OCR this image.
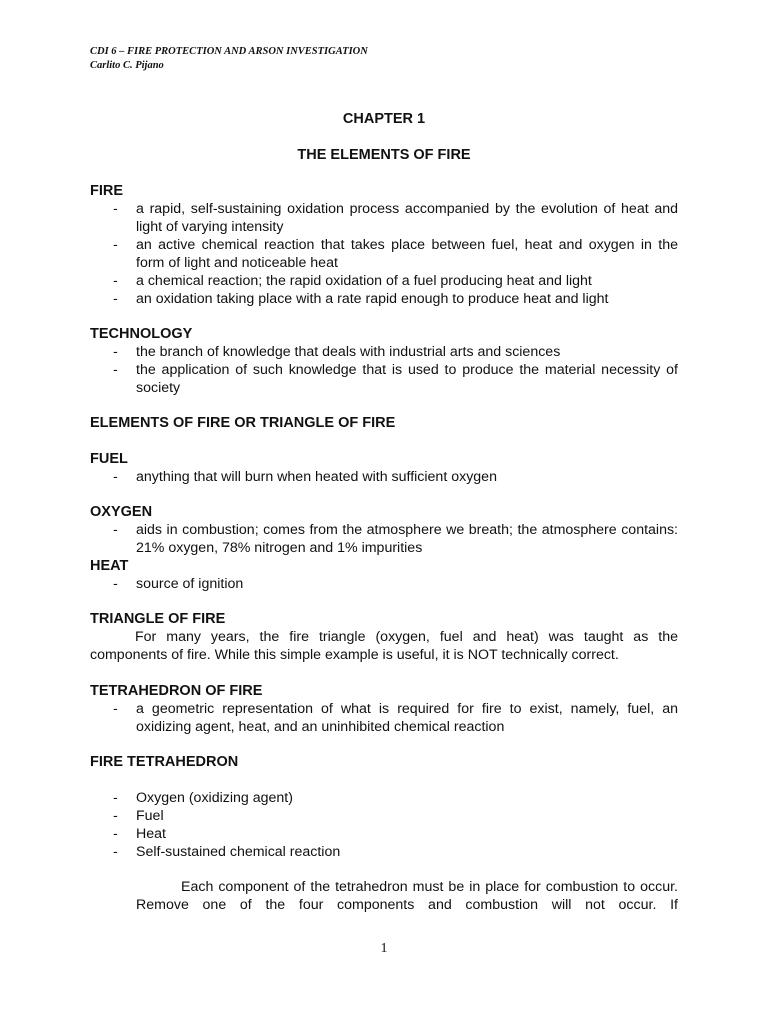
CDI 6 – FIRE PROTECTION AND ARSON INVESTIGATION
Carlito C. Pijano
CHAPTER 1
THE ELEMENTS OF FIRE
FIRE
- a rapid, self-sustaining oxidation process accompanied by the evolution of heat and light of varying intensity
- an active chemical reaction that takes place between fuel, heat and oxygen in the form of light and noticeable heat
- a chemical reaction; the rapid oxidation of a fuel producing heat and light
- an oxidation taking place with a rate rapid enough to produce heat and light
TECHNOLOGY
- the branch of knowledge that deals with industrial arts and sciences
- the application of such knowledge that is used to produce the material necessity of society
ELEMENTS OF FIRE OR TRIANGLE OF FIRE
FUEL
- anything that will burn when heated with sufficient oxygen
OXYGEN
- aids in combustion; comes from the atmosphere we breath; the atmosphere contains: 21% oxygen, 78% nitrogen and 1% impurities
HEAT
- source of ignition
TRIANGLE OF FIRE

For many years, the fire triangle (oxygen, fuel and heat) was taught as the components of fire. While this simple example is useful, it is NOT technically correct.

TETRAHEDRON OF FIRE
- a geometric representation of what is required for fire to exist, namely, fuel, an oxidizing agent, heat, and an uninhibited chemical reaction
FIRE TETRAHEDRON
- Oxygen (oxidizing agent)
- Fuel
- Heat
- Self-sustained chemical reaction

Each component of the tetrahedron must be in place for combustion to occur. Remove one of the four components and combustion will not occur. If

1
